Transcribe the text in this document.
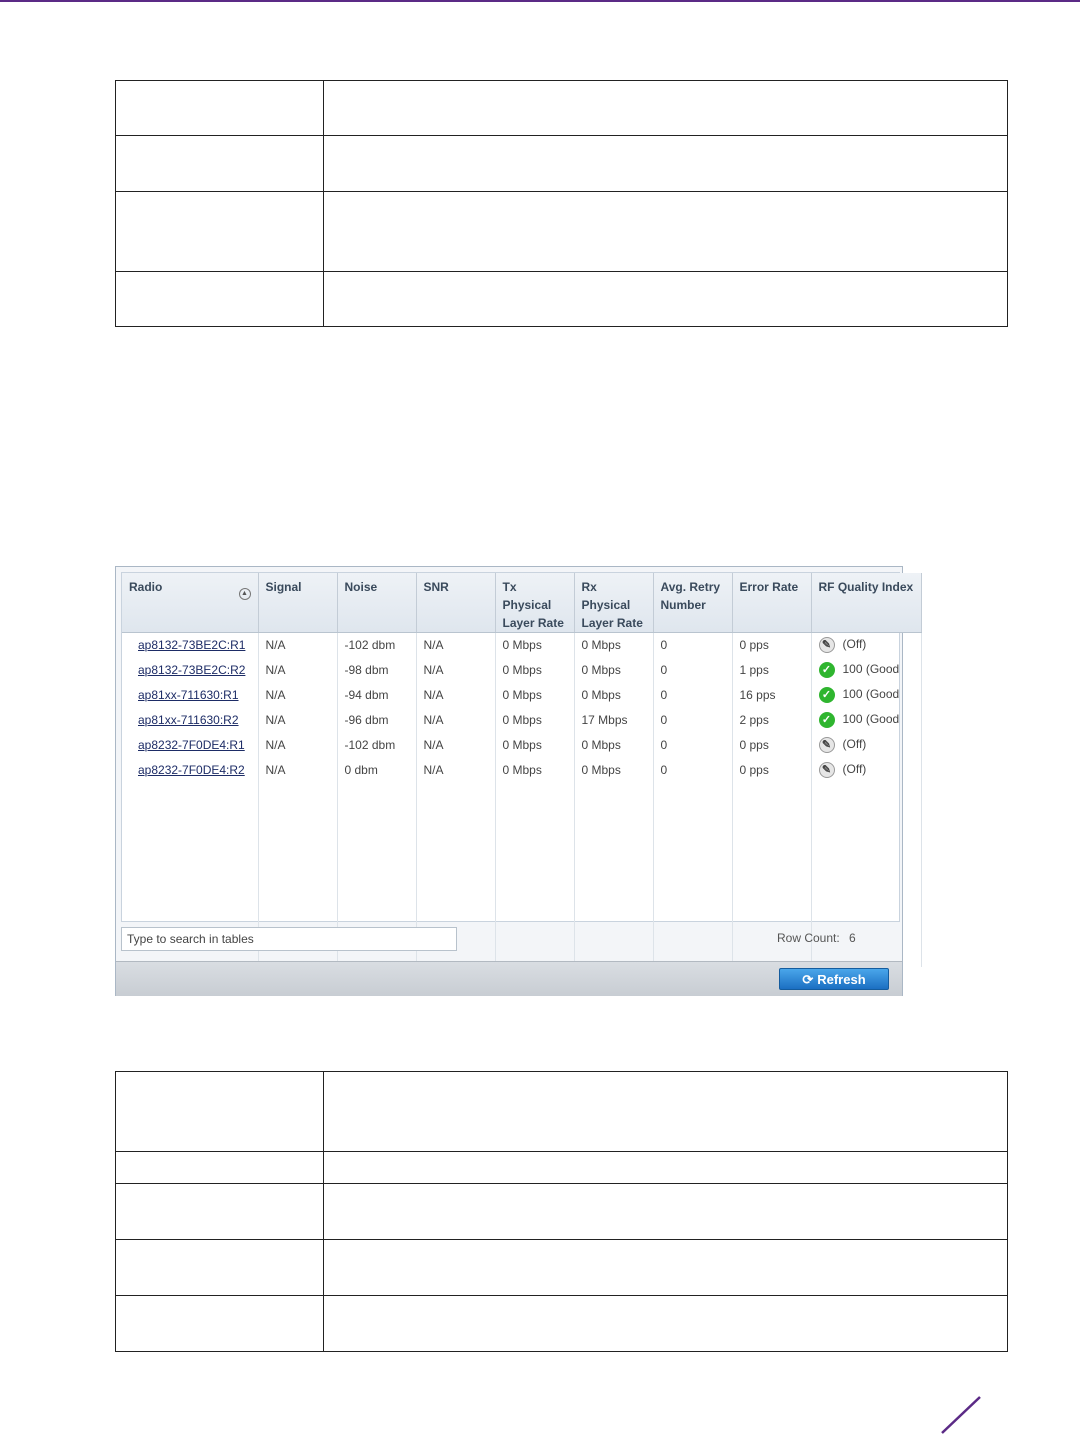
Radio ▲	Signal	Noise	SNR	Tx Physical Layer Rate	Rx Physical Layer Rate	Avg. Retry Number	Error Rate	RF Quality Index
ap8132-73BE2C:R1	N/A	-102 dbm	N/A	0 Mbps	0 Mbps	0	0 pps	✎ (Off)
ap8132-73BE2C:R2	N/A	-98 dbm	N/A	0 Mbps	0 Mbps	0	1 pps	✓ 100 (Good
ap81xx-711630:R1	N/A	-94 dbm	N/A	0 Mbps	0 Mbps	0	16 pps	✓ 100 (Good
ap81xx-711630:R2	N/A	-96 dbm	N/A	0 Mbps	17 Mbps	0	2 pps	✓ 100 (Good
ap8232-7F0DE4:R1	N/A	-102 dbm	N/A	0 Mbps	0 Mbps	0	0 pps	✎ (Off)
ap8232-7F0DE4:R2	N/A	0 dbm	N/A	0 Mbps	0 Mbps	0	0 pps	✎ (Off)

Type to search in tables	Row Count: 6
⟳ Refresh
